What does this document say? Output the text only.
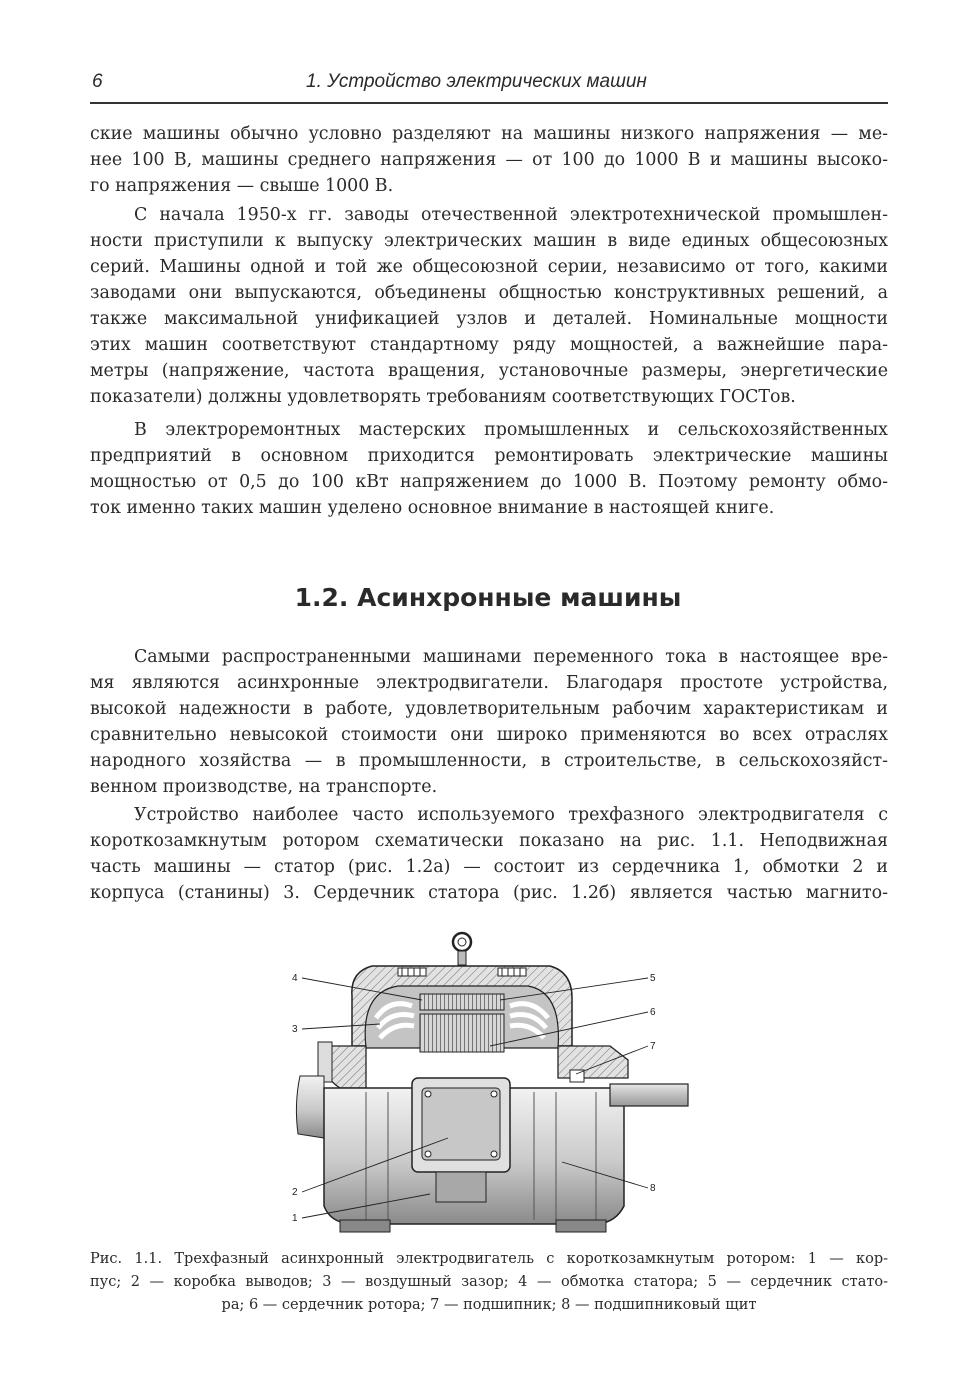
6	1. Устройство электрических машин

ские машины обычно условно разделяют на машины низкого напряжения — ме-
нее 100 В, машины среднего напряжения — от 100 до 1000 В и машины высоко-
го напряжения — свыше 1000 В.

С начала 1950-х гг. заводы отечественной электротехнической промышлен-
ности приступили к выпуску электрических машин в виде единых общесоюзных
серий. Машины одной и той же общесоюзной серии, независимо от того, какими
заводами они выпускаются, объединены общностью конструктивных решений, а
также максимальной унификацией узлов и деталей. Номинальные мощности
этих машин соответствуют стандартному ряду мощностей, а важнейшие пара-
метры (напряжение, частота вращения, установочные размеры, энергетические
показатели) должны удовлетворять требованиям соответствующих ГОСТов.

В электроремонтных мастерских промышленных и сельскохозяйственных
предприятий в основном приходится ремонтировать электрические машины
мощностью от 0,5 до 100 кВт напряжением до 1000 В. Поэтому ремонту обмо-
ток именно таких машин уделено основное внимание в настоящей книге.

1.2. Асинхронные машины

Самыми распространенными машинами переменного тока в настоящее вре-
мя являются асинхронные электродвигатели. Благодаря простоте устройства,
высокой надежности в работе, удовлетворительным рабочим характеристикам и
сравнительно невысокой стоимости они широко применяются во всех отраслях
народного хозяйства — в промышленности, в строительстве, в сельскохозяйст-
венном производстве, на транспорте.

Устройство наиболее часто используемого трехфазного электродвигателя с
короткозамкнутым ротором схематически показано на рис. 1.1. Неподвижная
часть машины — статор (рис. 1.2а) — состоит из сердечника 1, обмотки 2 и
корпуса (станины) 3. Сердечник статора (рис. 1.2б) является частью магнито-

4
3
5
6
7
2
1
8

Рис. 1.1. Трехфазный асинхронный электродвигатель с короткозамкнутым ротором: 1 — кор-
пус; 2 — коробка выводов; 3 — воздушный зазор; 4 — обмотка статора; 5 — сердечник стато-
ра; 6 — сердечник ротора; 7 — подшипник; 8 — подшипниковый щит
